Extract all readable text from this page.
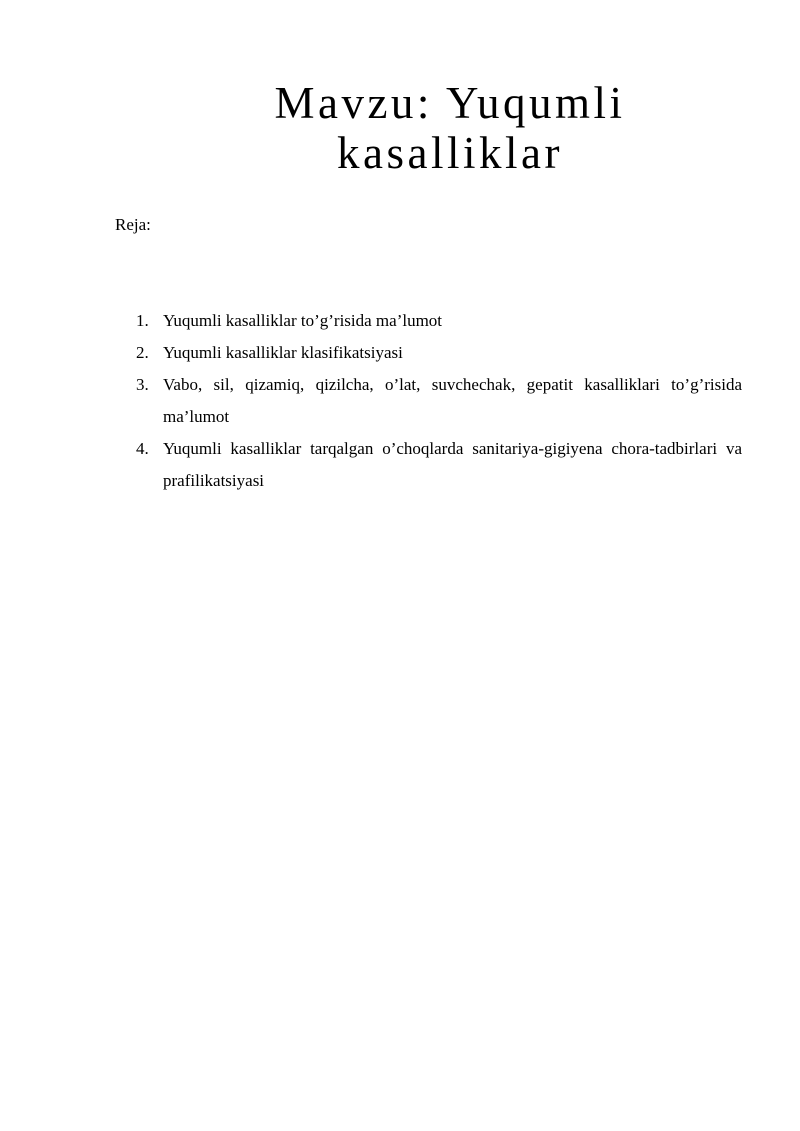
Mavzu: Yuqumli
kasalliklar

Reja:

1. Yuqumli kasalliklar to’g’risida ma’lumot
2. Yuqumli kasalliklar klasifikatsiyasi
3. Vabo, sil, qizamiq, qizilcha, o’lat, suvchechak, gepatit kasalliklari to’g’risida ma’lumot
4. Yuqumli kasalliklar tarqalgan o’choqlarda sanitariya-gigiyena chora-tadbirlari va prafilikatsiyasi
